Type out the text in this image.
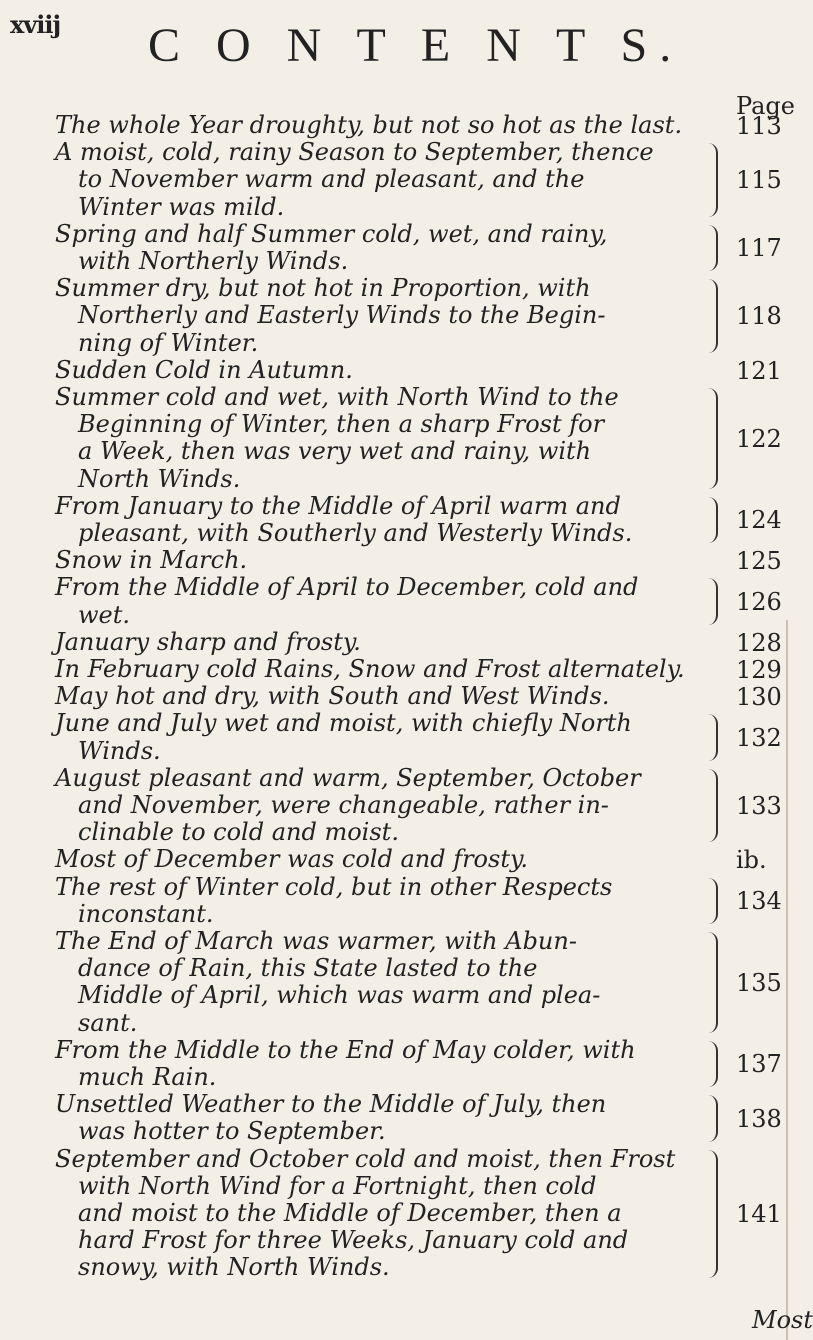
xviij C O N T E N T S.
Page
The whole Year droughty, but not so hot as the last. 113
A moist, cold, rainy Season to September, thence
to November warm and pleasant, and the
Winter was mild.
115
Spring and half Summer cold, wet, and rainy,
with Northerly Winds.	117
Summer dry, but not hot in Proportion, with
Northerly and Easterly Winds to the Begin-
ning of Winter.
118
Sudden Cold in Autumn.	121
Summer cold and wet, with North Wind to the
Beginning of Winter, then a sharp Frost for
a Week, then was very wet and rainy, with
North Winds.
122
From January to the Middle of April warm and
pleasant, with Southerly and Westerly Winds.	124
Snow in March.	125
From the Middle of April to December, cold and
wet.	126
January sharp and frosty.	128
In February cold Rains, Snow and Frost alternately. 129
May hot and dry, with South and West Winds.	130
June and July wet and moist, with chiefly North
Winds.	132
August pleasant and warm, September, October
and November, were changeable, rather in-
clinable to cold and moist.
133
Most of December was cold and frosty.	ib.
The rest of Winter cold, but in other Respects
inconstant.	134
The End of March was warmer, with Abun-
dance of Rain, this State lasted to the
Middle of April, which was warm and plea-
sant.
135
From the Middle to the End of May colder, with
much Rain.	137
Unsettled Weather to the Middle of July, then
was hotter to September.	138
September and October cold and moist, then Frost
with North Wind for a Fortnight, then cold
and moist to the Middle of December, then a
hard Frost for three Weeks, January cold and
snowy, with North Winds.
141
Most
